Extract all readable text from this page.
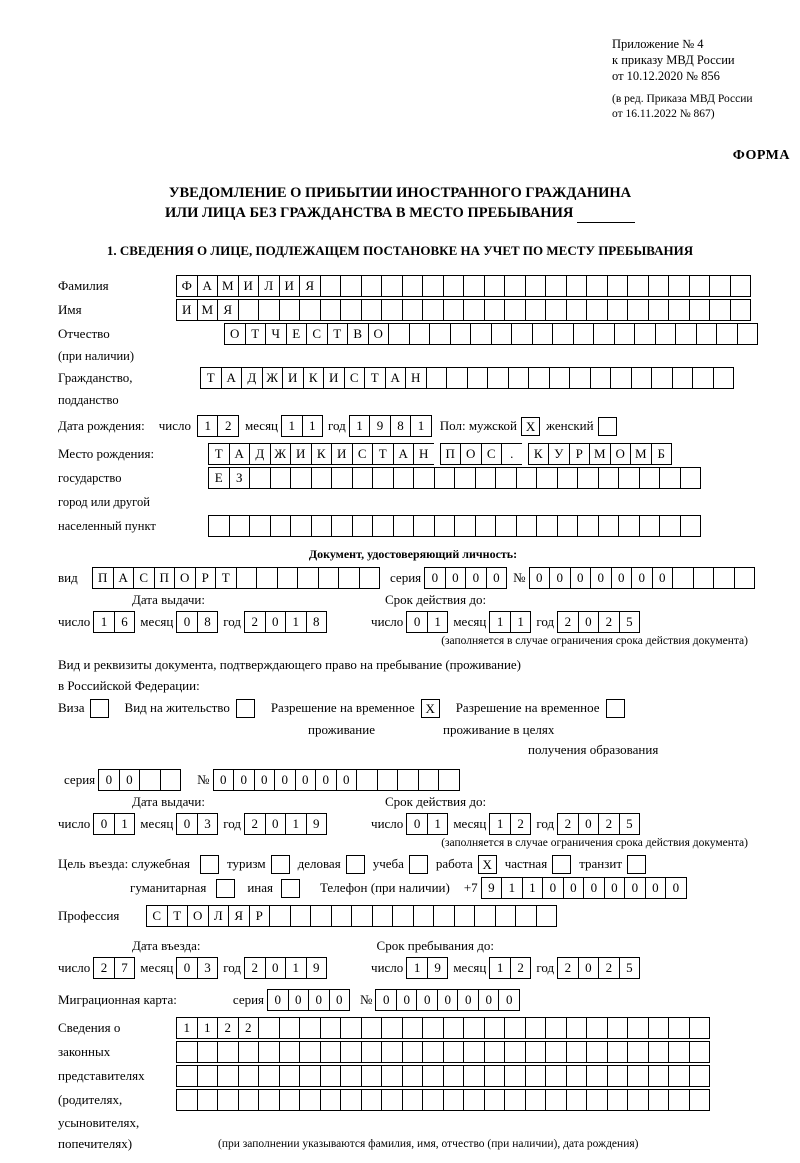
Приложение № 4
к приказу МВД России
от 10.12.2020 № 856
(в ред. Приказа МВД России
от 16.11.2022 № 867)
ФОРМА
УВЕДОМЛЕНИЕ О ПРИБЫТИИ ИНОСТРАННОГО ГРАЖДАНИНА
ИЛИ ЛИЦА БЕЗ ГРАЖДАНСТВА В МЕСТО ПРЕБЫВАНИЯ
1. СВЕДЕНИЯ О ЛИЦЕ, ПОДЛЕЖАЩЕМ ПОСТАНОВКЕ НА УЧЕТ ПО МЕСТУ ПРЕБЫВАНИЯ
Фамилия	Ф А М И Л И Я
Имя	И М Я
Отчество	О Т Ч Е С Т В О
(при наличии)
Гражданство,	Т А Д Ж И К И С Т А Н
подданство
Дата рождения: число	1	2	месяц 1	1 год 1	9	8	1	Пол: мужской X женский
Место рождения:	Т А Д Ж И К И С Т А Н	П О С	.	К У Р М О М Б
государство	Е	З
город или другой
населенный пункт
Документ, удостоверяющий личность:
вид	П А С П О Р Т	серия 0	0	0	0	№ 0	0	0	0	0	0	0
Дата выдачи:	Срок действия до:
число 1	6 месяц 0	8 год 2	0	1	8	число 0	1 месяц 1	1 год 2	0	2	5
(заполняется в случае ограничения срока действия документа)
Вид и реквизиты документа, подтверждающего право на пребывание (проживание)
в Российской Федерации:
Виза	Вид на жительство	Разрешение на временное X	Разрешение на временное
проживание	проживание в целях
получения образования
серия 0	0	№ 0	0	0	0	0	0	0
Дата выдачи:	Срок действия до:
число 0	1 месяц 0	3 год 2	0	1	9	число 0	1 месяц 1	2 год 2	0	2	5
(заполняется в случае ограничения срока действия документа)
Цель въезда: служебная	туризм деловая учеба работа X частная транзит
гуманитарная	иная	Телефон (при наличии) +7 9	1	1	0	0	0	0	0	0	0
Профессия	С Т О Л Я Р
Дата въезда:	Срок пребывания до:
число 2	7 месяц 0	3 год 2	0	1	9	число 1	9 месяц 1	2 год 2	0	2	5
Миграционная карта:	серия 0	0	0	0	№ 0	0	0	0	0	0	0
Сведения о	1	1	2	2
законных
представителях
(родителях,
усыновителях,
попечителях)	(при заполнении указываются фамилия, имя, отчество (при наличии), дата рождения)
